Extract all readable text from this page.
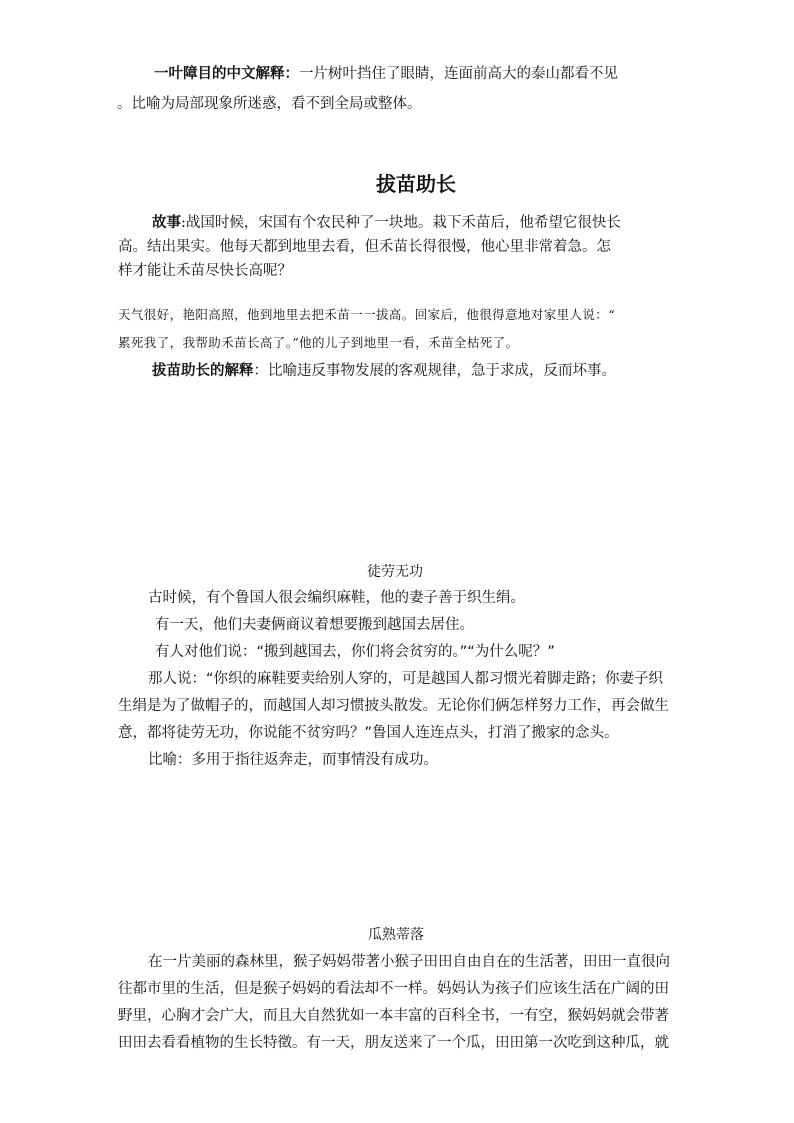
一叶障目的中文解释：一片树叶挡住了眼睛，连面前高大的泰山都看不见
。比喻为局部现象所迷惑，看不到全局或整体。
拔苗助长
故事:战国时候，宋国有个农民种了一块地。栽下禾苗后，他希望它很快长
高。结出果实。他每天都到地里去看，但禾苗长得很慢，他心里非常着急。怎
样才能让禾苗尽快长高呢？
天气很好，艳阳高照，他到地里去把禾苗一一拔高。回家后，他很得意地对家里人说：“
累死我了，我帮助禾苗长高了。”他的儿子到地里一看，禾苗全枯死了。
拔苗助长的解释：比喻违反事物发展的客观规律，急于求成，反而坏事。
徒劳无功
古时候，有个鲁国人很会编织麻鞋，他的妻子善于织生绢。
有一天，他们夫妻俩商议着想要搬到越国去居住。
有人对他们说：“搬到越国去，你们将会贫穷的。”“为什么呢？”
那人说：“你织的麻鞋要卖给别人穿的，可是越国人都习惯光着脚走路；你妻子织
生绢是为了做帽子的，而越国人却习惯披头散发。无论你们俩怎样努力工作，再会做生
意，都将徒劳无功，你说能不贫穷吗？”鲁国人连连点头，打消了搬家的念头。
比喻：多用于指往返奔走，而事情没有成功。
瓜熟蒂落
在一片美丽的森林里，猴子妈妈带著小猴子田田自由自在的生活著，田田一直很向
往都市里的生活，但是猴子妈妈的看法却不一样。妈妈认为孩子们应该生活在广阔的田
野里，心胸才会广大，而且大自然犹如一本丰富的百科全书，一有空，猴妈妈就会带著
田田去看看植物的生长特徵。有一天，朋友送来了一个瓜，田田第一次吃到这种瓜，就
